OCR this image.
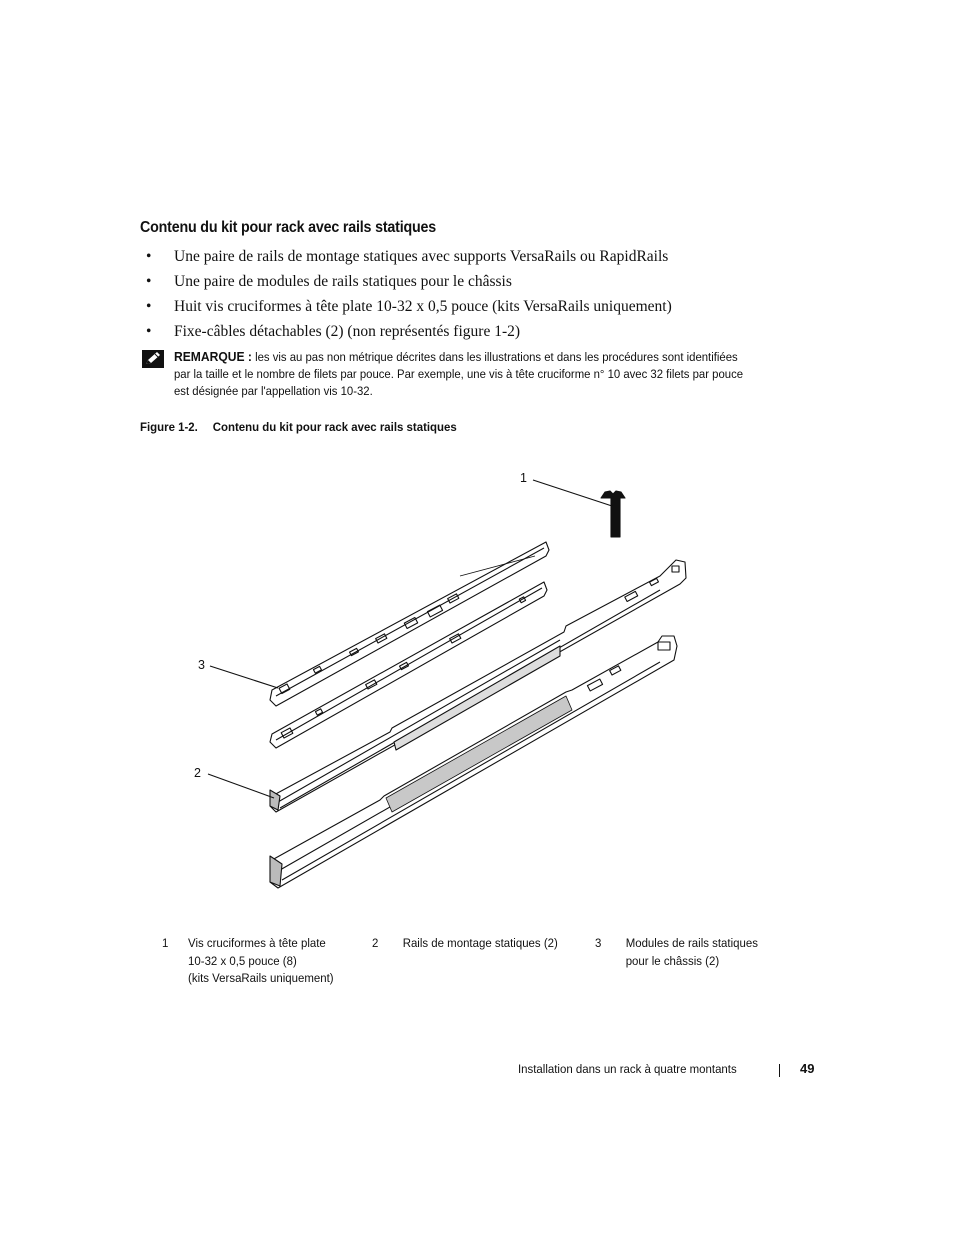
Contenu du kit pour rack avec rails statiques
• Une paire de rails de montage statiques avec supports VersaRails ou RapidRails
• Une paire de modules de rails statiques pour le châssis
• Huit vis cruciformes à tête plate 10-32 x 0,5 pouce (kits VersaRails uniquement)
• Fixe-câbles détachables (2) (non représentés figure 1-2)
REMARQUE : les vis au pas non métrique décrites dans les illustrations et dans les procédures sont identifiées
par la taille et le nombre de filets par pouce. Par exemple, une vis à tête cruciforme n° 10 avec 32 filets par pouce
est désignée par l'appellation vis 10-32.
Figure 1-2. Contenu du kit pour rack avec rails statiques
1
3
2
1 Vis cruciformes à tête plate
10-32 x 0,5 pouce (8)
(kits VersaRails uniquement)
2 Rails de montage statiques (2)	3 Modules de rails statiques
pour le châssis (2)
Installation dans un rack à quatre montants	49
